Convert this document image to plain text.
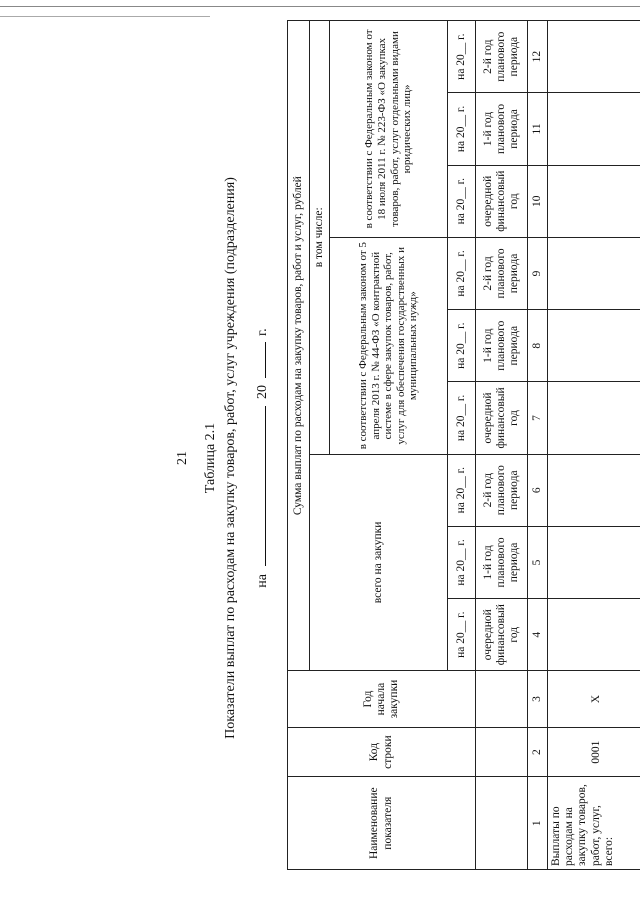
21 Таблица 2.1 Показатели выплат по расходам на закупку товаров, работ, услуг учреждения (подразделения) на  20  г.
Наименование показателя	Код строки	Год начала закупки	Сумма выплат по расходам на закупку товаров, работ и услуг, рублей								
			всего на закупки			в том числе:					
						в соответствии с Федеральным законом от 5 апреля 2013 г. № 44-ФЗ «О контрактной системе в сфере закупок товаров, работ, услуг для обеспечения государственных и муниципальных нужд»			в соответствии с Федеральным законом от 18 июля 2011 г. № 223-ФЗ «О закупках товаров, работ, услуг отдельными видами юридических лиц»		
			на 20__ г.	на 20__ г.	на 20__ г.	на 20__ г.	на 20__ г.	на 20__ г.	на 20__ г.	на 20__ г.	на 20__ г.
			очередной финансовый год	1-й год планового периода	2-й год планового периода	очередной финансовый год	1-й год планового периода	2-й год планового периода	очередной финансовый год	1-й год планового периода	2-й год планового периода
1	2	3	4	5	6	7	8	9	10	11	12
Выплаты по расходам на закупку товаров, работ, услуг, всего:	0001	X									
